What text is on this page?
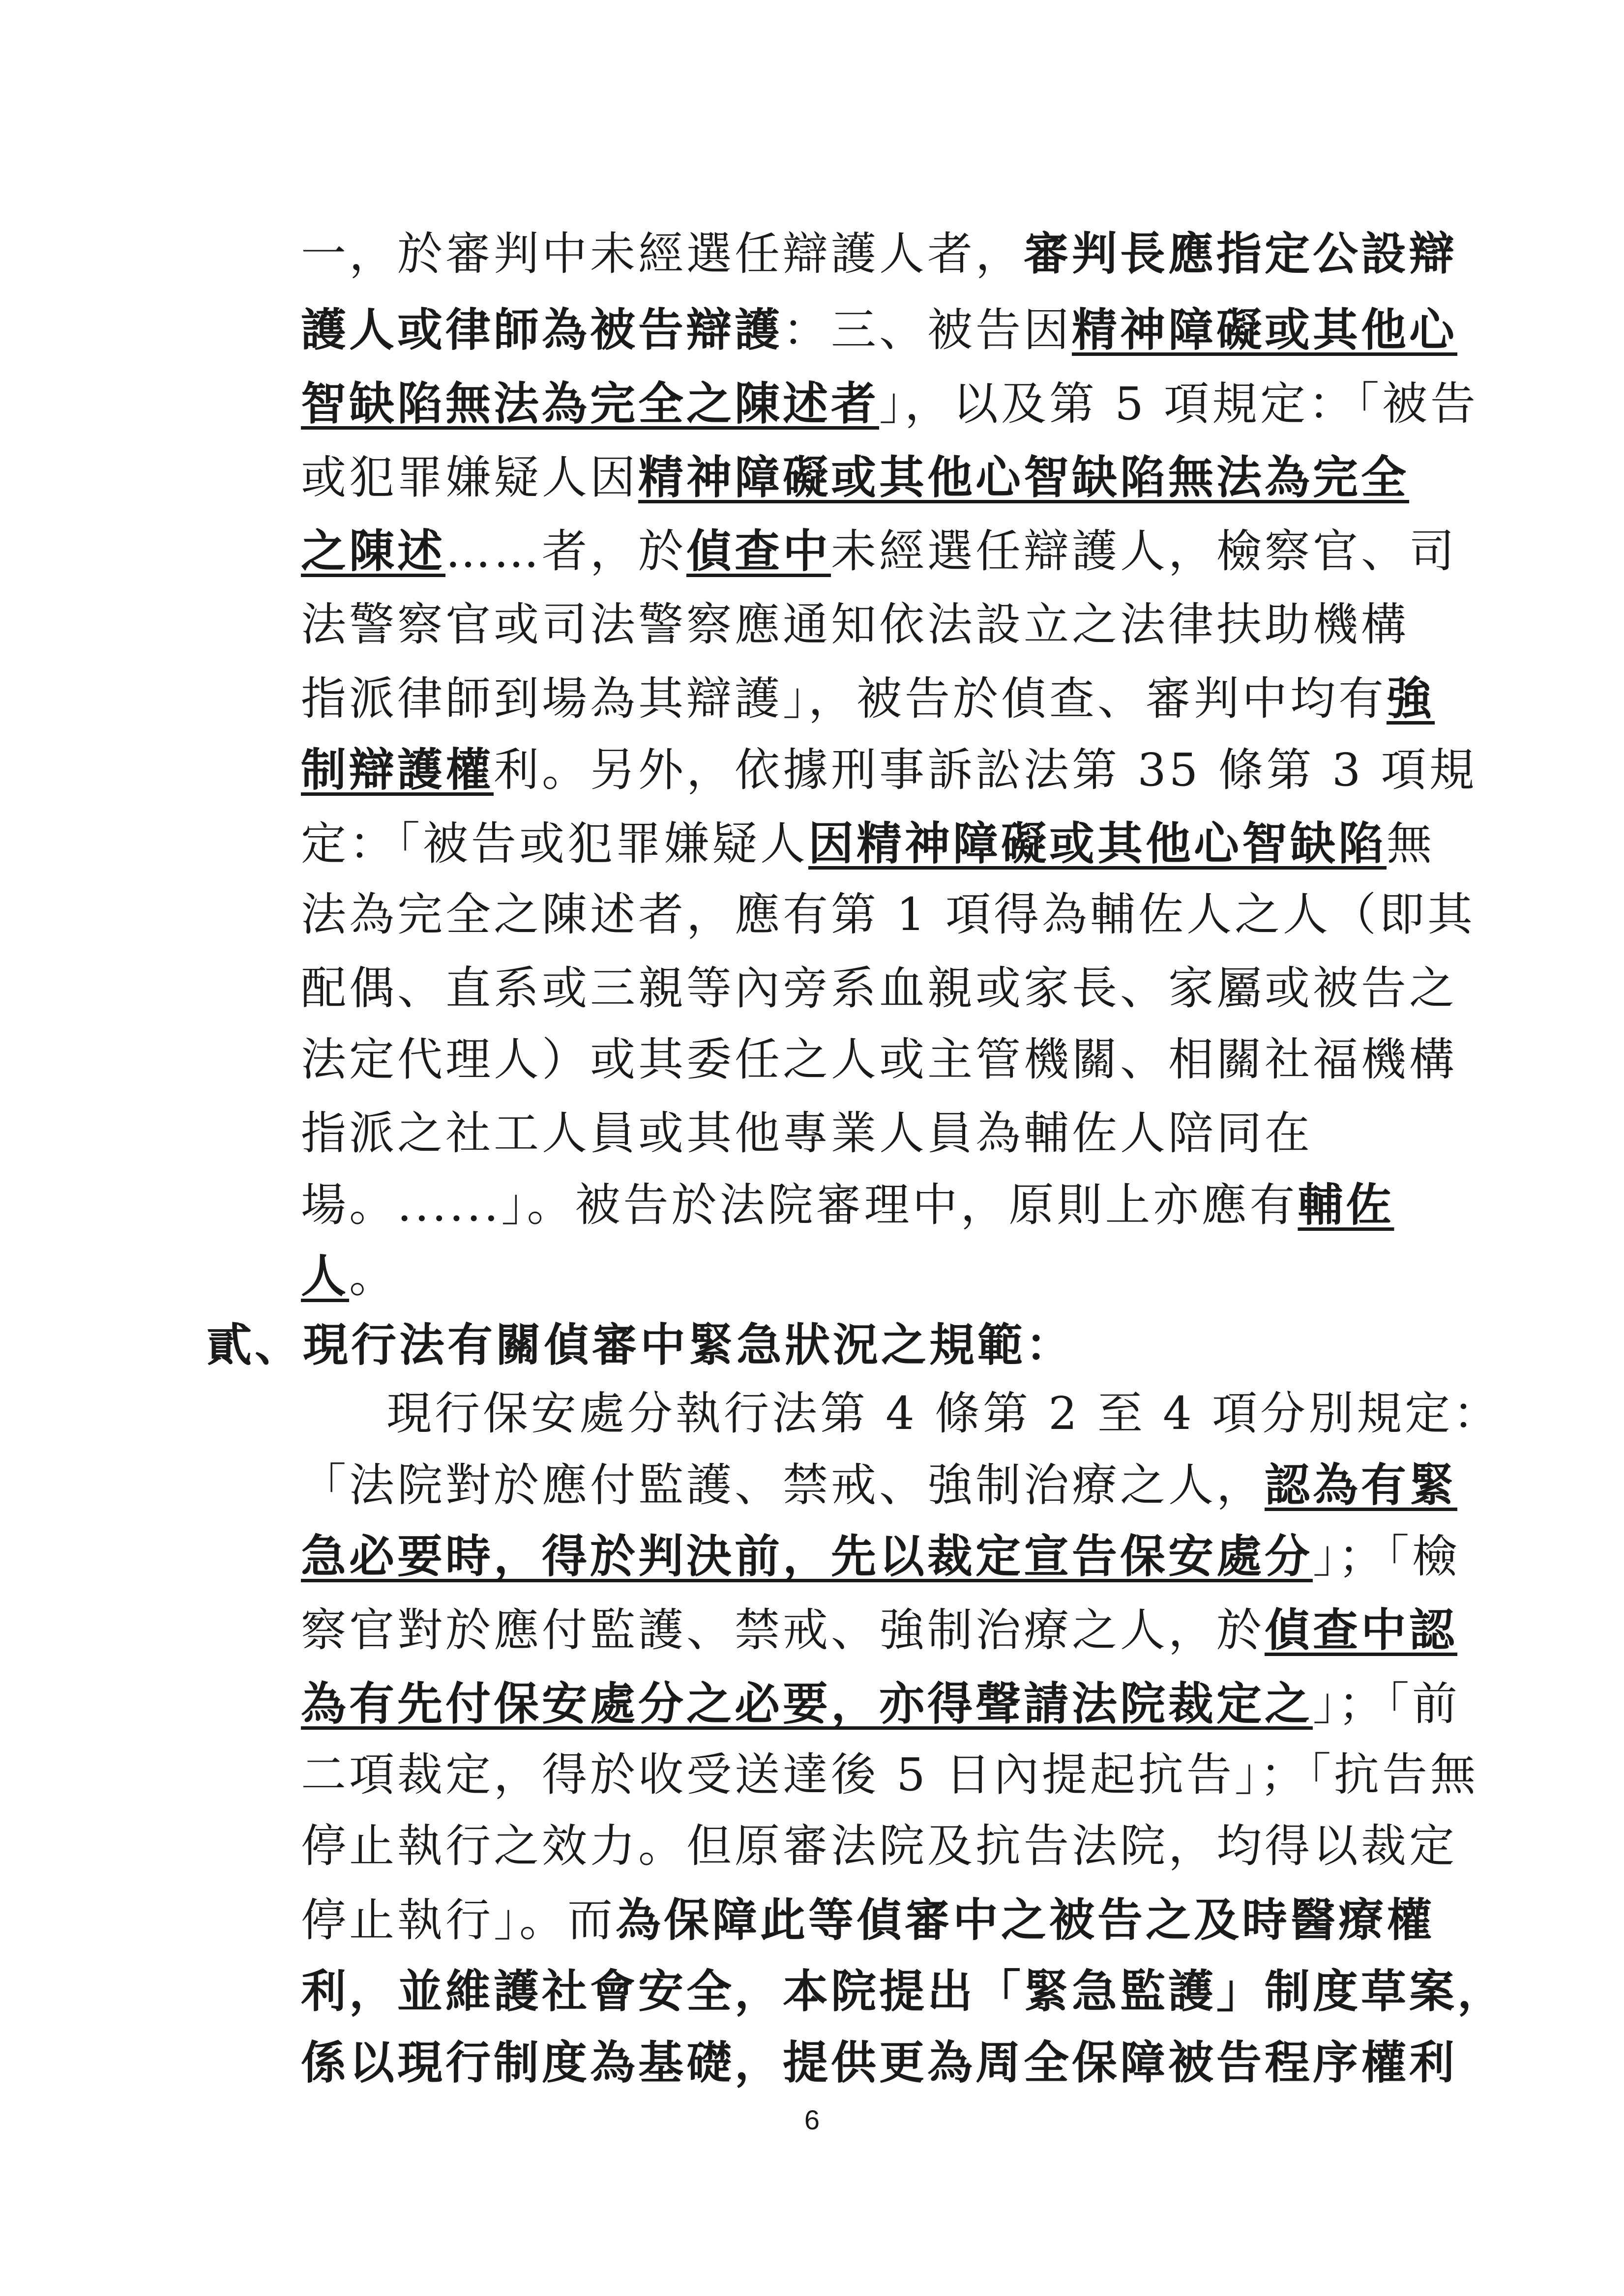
一，於審判中未經選任辯護人者，審判長應指定公設辯
護人或律師為被告辯護：三、被告因精神障礙或其他心
智缺陷無法為完全之陳述者」，以及第 5 項規定：「被告
或犯罪嫌疑人因精神障礙或其他心智缺陷無法為完全
之陳述……者，於偵查中未經選任辯護人，檢察官、司
法警察官或司法警察應通知依法設立之法律扶助機構
指派律師到場為其辯護」，被告於偵查、審判中均有強
制辯護權利。另外，依據刑事訴訟法第 35 條第 3 項規
定：「被告或犯罪嫌疑人因精神障礙或其他心智缺陷無
法為完全之陳述者，應有第 1 項得為輔佐人之人（即其
配偶、直系或三親等內旁系血親或家長、家屬或被告之
法定代理人）或其委任之人或主管機關、相關社福機構
指派之社工人員或其他專業人員為輔佐人陪同在
場。......」。被告於法院審理中，原則上亦應有輔佐
人。
貳、現行法有關偵審中緊急狀況之規範：
現行保安處分執行法第 4 條第 2 至 4 項分別規定：
「法院對於應付監護、禁戒、強制治療之人，認為有緊
急必要時，得於判決前，先以裁定宣告保安處分」；「檢
察官對於應付監護、禁戒、強制治療之人，於偵查中認
為有先付保安處分之必要，亦得聲請法院裁定之」；「前
二項裁定，得於收受送達後 5 日內提起抗告」；「抗告無
停止執行之效力。但原審法院及抗告法院，均得以裁定
停止執行」。而為保障此等偵審中之被告之及時醫療權
利，並維護社會安全，本院提出「緊急監護」制度草案，
係以現行制度為基礎，提供更為周全保障被告程序權利
6
